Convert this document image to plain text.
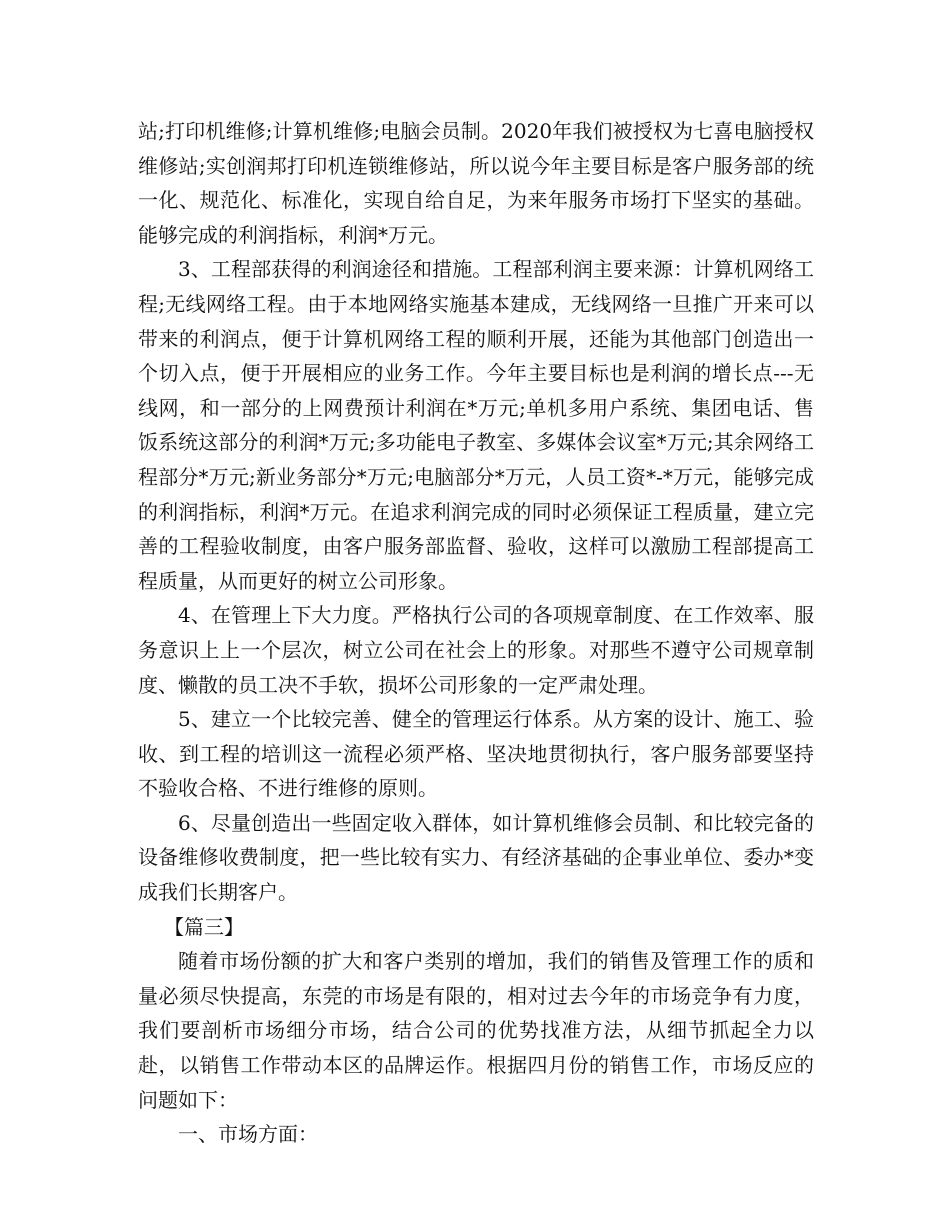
站;打印机维修;计算机维修;电脑会员制。2020年我们被授权为七喜电脑授权维修站;实创润邦打印机连锁维修站，所以说今年主要目标是客户服务部的统一化、规范化、标准化，实现自给自足，为来年服务市场打下坚实的基础。能够完成的利润指标，利润*万元。

3、工程部获得的利润途径和措施。工程部利润主要来源：计算机网络工程;无线网络工程。由于本地网络实施基本建成，无线网络一旦推广开来可以带来的利润点，便于计算机网络工程的顺利开展，还能为其他部门创造出一个切入点，便于开展相应的业务工作。今年主要目标也是利润的增长点---无线网，和一部分的上网费预计利润在*万元;单机多用户系统、集团电话、售饭系统这部分的利润*万元;多功能电子教室、多媒体会议室*万元;其余网络工程部分*万元;新业务部分*万元;电脑部分*万元，人员工资*-*万元，能够完成的利润指标，利润*万元。在追求利润完成的同时必须保证工程质量，建立完善的工程验收制度，由客户服务部监督、验收，这样可以激励工程部提高工程质量，从而更好的树立公司形象。

4、在管理上下大力度。严格执行公司的各项规章制度、在工作效率、服务意识上上一个层次，树立公司在社会上的形象。对那些不遵守公司规章制度、懒散的员工决不手软，损坏公司形象的一定严肃处理。

5、建立一个比较完善、健全的管理运行体系。从方案的设计、施工、验收、到工程的培训这一流程必须严格、坚决地贯彻执行，客户服务部要坚持不验收合格、不进行维修的原则。

6、尽量创造出一些固定收入群体，如计算机维修会员制、和比较完备的设备维修收费制度，把一些比较有实力、有经济基础的企事业单位、委办*变成我们长期客户。

【篇三】

随着市场份额的扩大和客户类别的增加，我们的销售及管理工作的质和量必须尽快提高，东莞的市场是有限的，相对过去今年的市场竞争有力度，我们要剖析市场细分市场，结合公司的优势找准方法，从细节抓起全力以赴，以销售工作带动本区的品牌运作。根据四月份的销售工作，市场反应的问题如下：

一、市场方面：
